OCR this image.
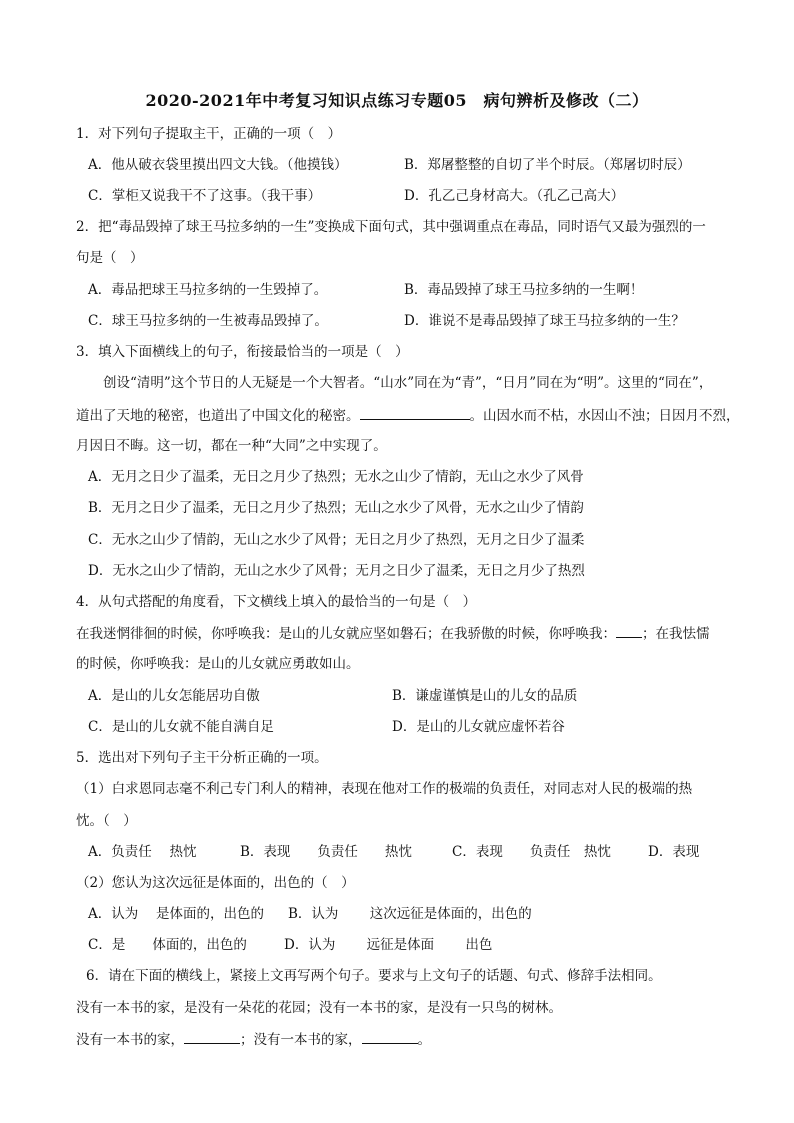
2020-2021年中考复习知识点练习专题05　病句辨析及修改（二）
1．对下列句子提取主干，正确的一项（　）
A．他从破衣袋里摸出四文大钱。（他摸钱）	B．郑屠整整的自切了半个时辰。（郑屠切时辰）
C．掌柜又说我干不了这事。（我干事）	D．孔乙己身材高大。（孔乙己高大）
2．把“毒品毁掉了球王马拉多纳的一生”变换成下面句式，其中强调重点在毒品，同时语气又最为强烈的一
句是（　）
A．毒品把球王马拉多纳的一生毁掉了。	B．毒品毁掉了球王马拉多纳的一生啊！
C．球王马拉多纳的一生被毒品毁掉了。	D．谁说不是毒品毁掉了球王马拉多纳的一生？
3．填入下面横线上的句子，衔接最恰当的一项是（　）
创设“清明”这个节日的人无疑是一个大智者。“山水”同在为“青”，“日月”同在为“明”。这里的“同在”，
道出了天地的秘密，也道出了中国文化的秘密。	。山因水而不枯，水因山不浊；日因月不烈，
月因日不晦。这一切，都在一种“大同”之中实现了。
A．无月之日少了温柔，无日之月少了热烈；无水之山少了情韵，无山之水少了风骨
B．无月之日少了温柔，无日之月少了热烈；无山之水少了风骨，无水之山少了情韵
C．无水之山少了情韵，无山之水少了风骨；无日之月少了热烈，无月之日少了温柔
D．无水之山少了情韵，无山之水少了风骨；无月之日少了温柔，无日之月少了热烈
4．从句式搭配的角度看，下文横线上填入的最恰当的一句是（　）
在我迷惘徘徊的时候，你呼唤我：是山的儿女就应坚如磐石；在我骄傲的时候，你呼唤我： ；在我怯懦
的时候，你呼唤我：是山的儿女就应勇敢如山。
A．是山的儿女怎能居功自傲	B．谦虚谨慎是山的儿女的品质
C．是山的儿女就不能自满自足	D．是山的儿女就应虚怀若谷
5．选出对下列句子主干分析正确的一项。
（1）白求恩同志毫不利己专门利人的精神，表现在他对工作的极端的负责任，对同志对人民的极端的热
忱。（　）
A．负责任　 热忱	B．表现　　负责任　　热忱	C．表现　　负责任　热忱	D．表现
（2）您认为这次远征是体面的，出色的（　）
A．认为　 是体面的，出色的 B．认为　　 这次远征是体面的，出色的
C．是　　体面的，出色的	D．认为　　 远征是体面　　 出色
6．请在下面的横线上，紧接上文再写两个句子。要求与上文句子的话题、句式、修辞手法相同。
没有一本书的家，是没有一朵花的花园；没有一本书的家，是没有一只鸟的树林。
没有一本书的家，	；没有一本书的家，	。
